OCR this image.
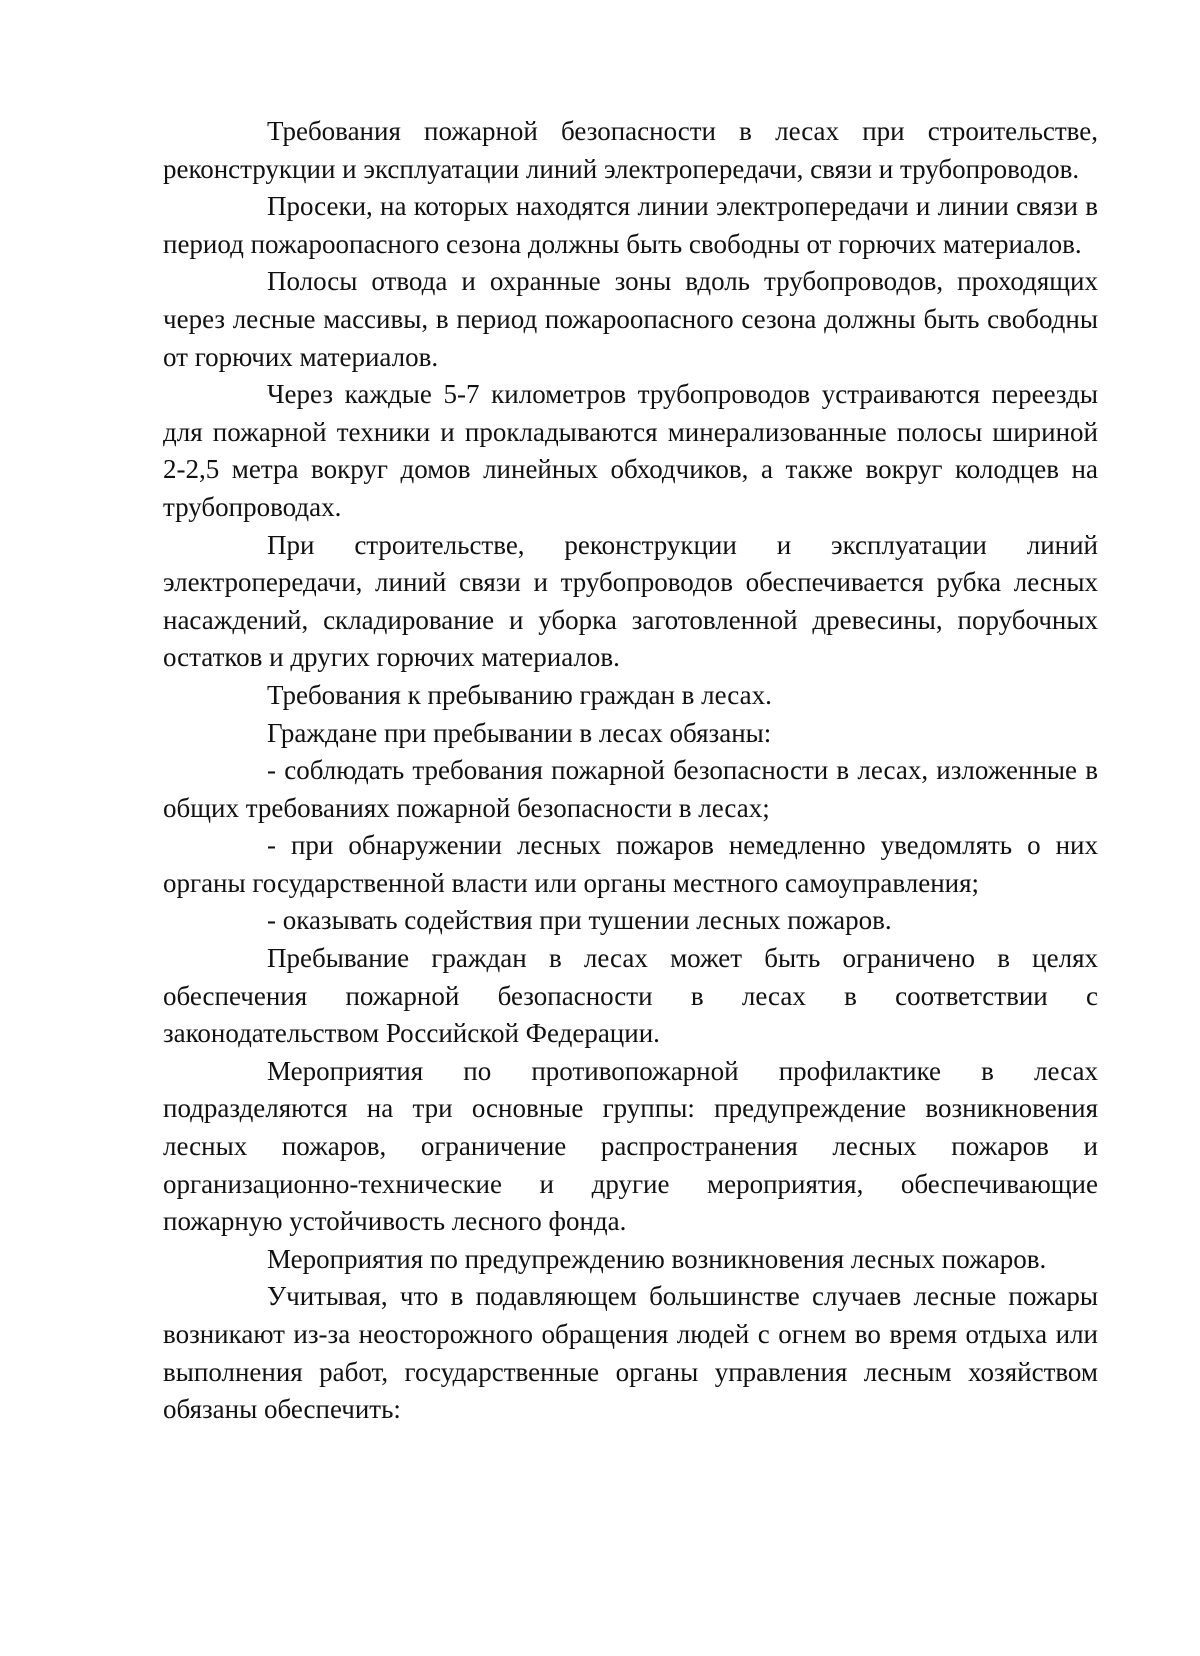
Требования пожарной безопасности в лесах при строительстве, реконструкции и эксплуатации линий электропередачи, связи и трубопроводов.

Просеки, на которых находятся линии электропередачи и линии связи в период пожароопасного сезона должны быть свободны от горючих материалов.

Полосы отвода и охранные зоны вдоль трубопроводов, проходящих через лесные массивы, в период пожароопасного сезона должны быть свободны от горючих материалов.

Через каждые 5-7 километров трубопроводов устраиваются переезды для пожарной техники и прокладываются минерализованные полосы шириной 2-2,5 метра вокруг домов линейных обходчиков, а также вокруг колодцев на трубопроводах.

При строительстве, реконструкции и эксплуатации линий электропередачи, линий связи и трубопроводов обеспечивается рубка лесных насаждений, складирование и уборка заготовленной древесины, порубочных остатков и других горючих материалов.

Требования к пребыванию граждан в лесах.

Граждане при пребывании в лесах обязаны:

- соблюдать требования пожарной безопасности в лесах, изложенные в общих требованиях пожарной безопасности в лесах;

- при обнаружении лесных пожаров немедленно уведомлять о них органы государственной власти или органы местного самоуправления;

- оказывать содействия при тушении лесных пожаров.

Пребывание граждан в лесах может быть ограничено в целях обеспечения пожарной безопасности в лесах в соответствии с законодательством Российской Федерации.

Мероприятия по противопожарной профилактике в лесах подразделяются на три основные группы: предупреждение возникновения лесных пожаров, ограничение распространения лесных пожаров и организационно-технические и другие мероприятия, обеспечивающие пожарную устойчивость лесного фонда.

Мероприятия по предупреждению возникновения лесных пожаров.

Учитывая, что в подавляющем большинстве случаев лесные пожары возникают из-за неосторожного обращения людей с огнем во время отдыха или выполнения работ, государственные органы управления лесным хозяйством обязаны обеспечить:
